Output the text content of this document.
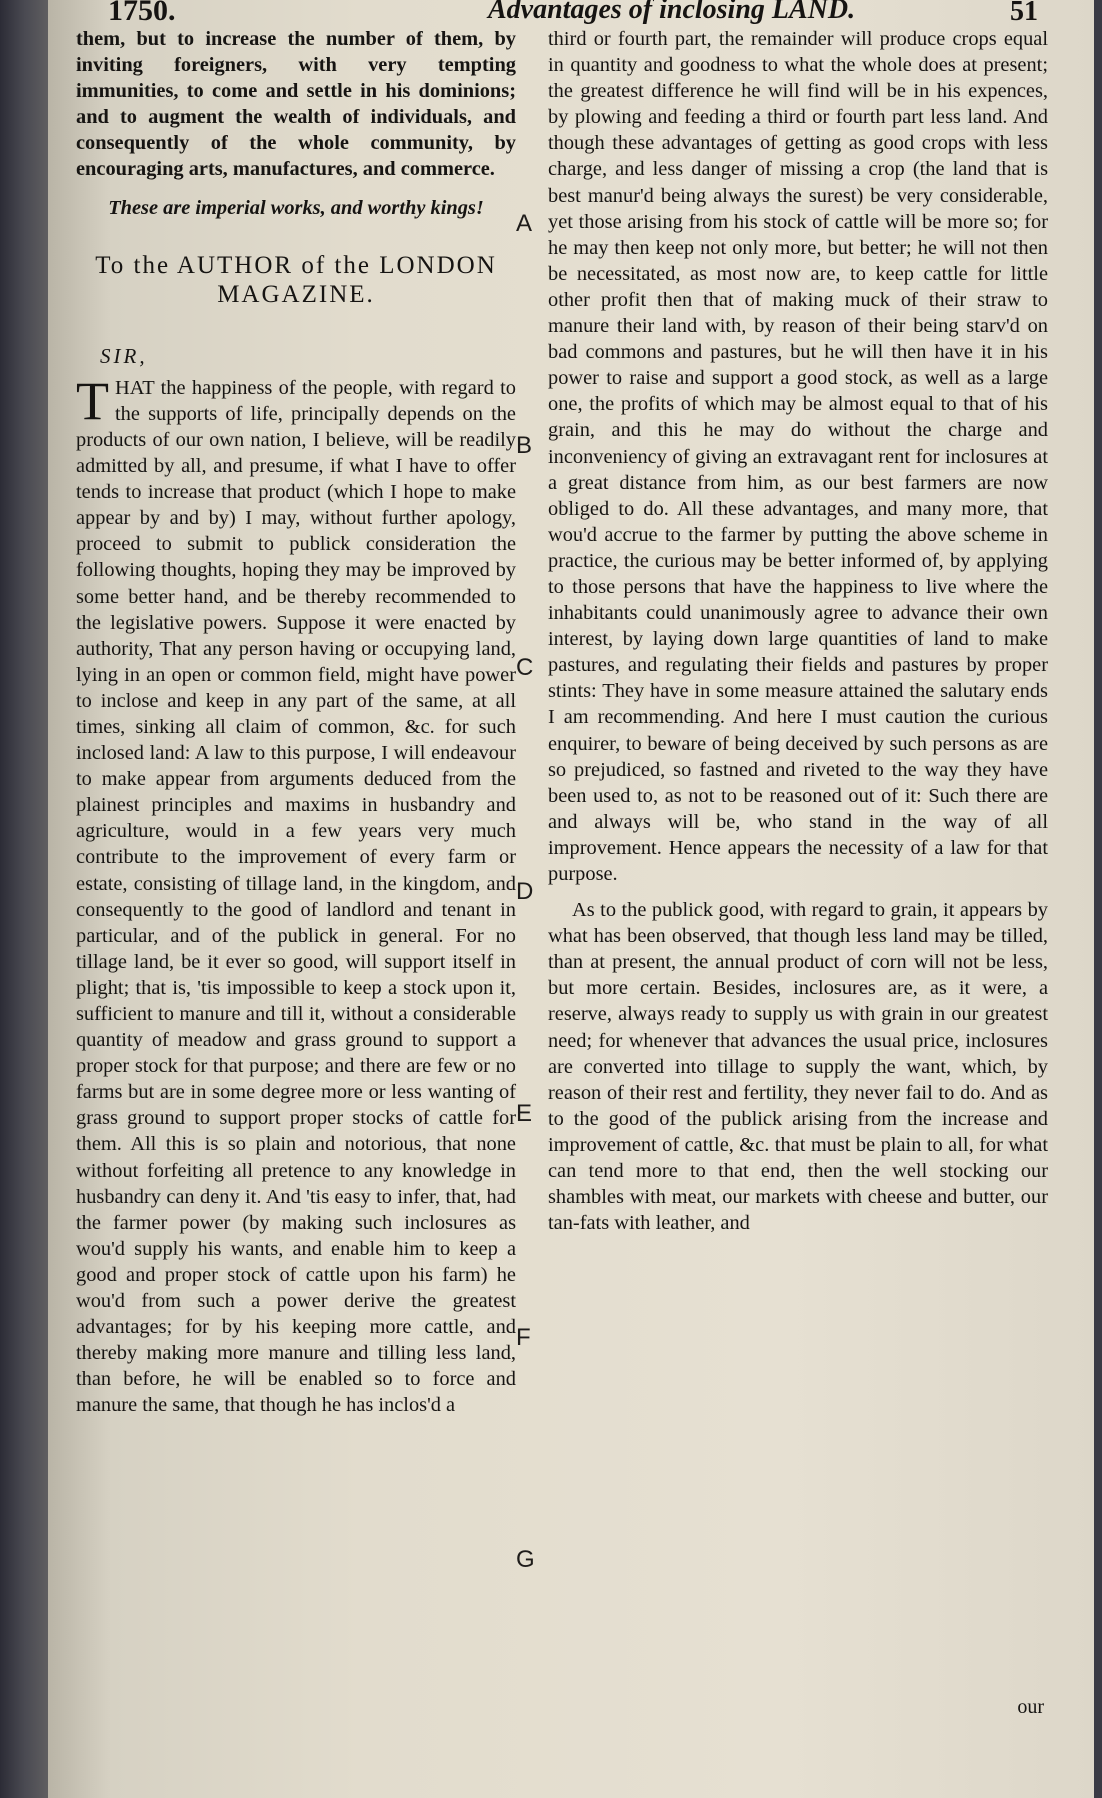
1750.	Advantages of inclosing LAND.	51

them, but to increase the number of them, by inviting foreigners, with very tempting immunities, to come and settle in his dominions; and to augment the wealth of individuals, and consequently of the whole community, by encouraging arts, manufactures, and commerce.

These are imperial works, and worthy kings!

To the AUTHOR of the LONDON
MAGAZINE.

SIR,

THAT the happiness of the people, with regard to the supports of life, principally depends on the products of our own nation, I believe, will be readily admitted by all, and presume, if what I have to offer tends to increase that product (which I hope to make appear by and by) I may, without further apology, proceed to submit to publick consideration the following thoughts, hoping they may be improved by some better hand, and be thereby recommended to the legislative powers. Suppose it were enacted by authority, That any person having or occupying land, lying in an open or common field, might have power to inclose and keep in any part of the same, at all times, sinking all claim of common, &c. for such inclosed land: A law to this purpose, I will endeavour to make appear from arguments deduced from the plainest principles and maxims in husbandry and agriculture, would in a few years very much contribute to the improvement of every farm or estate, consisting of tillage land, in the kingdom, and consequently to the good of landlord and tenant in particular, and of the publick in general. For no tillage land, be it ever so good, will support itself in plight; that is, 'tis impossible to keep a stock upon it, sufficient to manure and till it, without a considerable quantity of meadow and grass ground to support a proper stock for that purpose; and there are few or no farms but are in some degree more or less wanting of grass ground to support proper stocks of cattle for them. All this is so plain and notorious, that none without forfeiting all pretence to any knowledge in husbandry can deny it. And 'tis easy to infer, that, had the farmer power (by making such inclosures as wou'd supply his wants, and enable him to keep a good and proper stock of cattle upon his farm) he wou'd from such a power derive the greatest advantages; for by his keeping more cattle, and thereby making more manure and tilling less land, than before, he will be enabled so to force and manure the same, that though he has inclos'd a

third or fourth part, the remainder will produce crops equal in quantity and goodness to what the whole does at present; the greatest difference he will find will be in his expences, by plowing and feeding a third or fourth part less land. And though these advantages of getting as good crops with less charge, and less danger of missing a crop (the land that is best manur'd being always the surest) be very considerable, yet those arising from his stock of cattle will be more so; for he may then keep not only more, but better; he will not then be necessitated, as most now are, to keep cattle for little other profit then that of making muck of their straw to manure their land with, by reason of their being starv'd on bad commons and pastures, but he will then have it in his power to raise and support a good stock, as well as a large one, the profits of which may be almost equal to that of his grain, and this he may do without the charge and inconveniency of giving an extravagant rent for inclosures at a great distance from him, as our best farmers are now obliged to do. All these advantages, and many more, that wou'd accrue to the farmer by putting the above scheme in practice, the curious may be better informed of, by applying to those persons that have the happiness to live where the inhabitants could unanimously agree to advance their own interest, by laying down large quantities of land to make pastures, and regulating their fields and pastures by proper stints: They have in some measure attained the salutary ends I am recommending. And here I must caution the curious enquirer, to beware of being deceived by such persons as are so prejudiced, so fastned and riveted to the way they have been used to, as not to be reasoned out of it: Such there are and always will be, who stand in the way of all improvement. Hence appears the necessity of a law for that purpose.

As to the publick good, with regard to grain, it appears by what has been observed, that though less land may be tilled, than at present, the annual product of corn will not be less, but more certain. Besides, inclosures are, as it were, a reserve, always ready to supply us with grain in our greatest need; for whenever that advances the usual price, inclosures are converted into tillage to supply the want, which, by reason of their rest and fertility, they never fail to do. And as to the good of the publick arising from the increase and improvement of cattle, &c. that must be plain to all, for what can tend more to that end, then the well stocking our shambles with meat, our markets with cheese and butter, our tan-fats with leather, and

our
A
B
C
D
E
F
G
